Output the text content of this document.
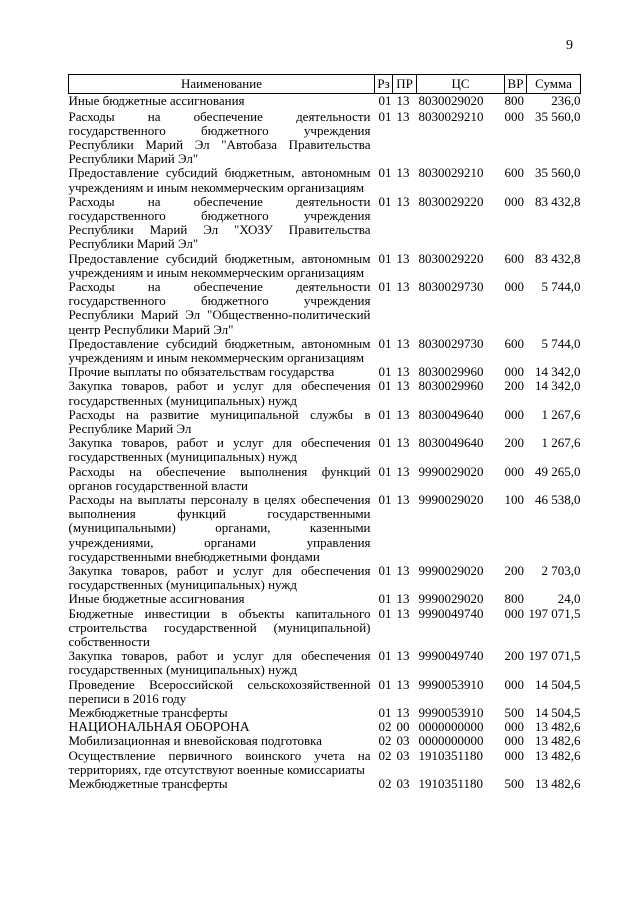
9
Наименование	Рз	ПР	ЦС	ВР	Сумма
Иные бюджетные ассигнования	01	13	8030029020	800	236,0
Расходы на обеспечение деятельности государственного бюджетного учреждения Республики Марий Эл "Автобаза Правительства Республики Марий Эл"	01	13	8030029210	000	35 560,0
Предоставление субсидий бюджетным, автономным учреждениям и иным некоммерческим организациям	01	13	8030029210	600	35 560,0
Расходы на обеспечение деятельности государственного бюджетного учреждения Республики Марий Эл "ХОЗУ Правительства Республики Марий Эл"	01	13	8030029220	000	83 432,8
Предоставление субсидий бюджетным, автономным учреждениям и иным некоммерческим организациям	01	13	8030029220	600	83 432,8
Расходы на обеспечение деятельности государственного бюджетного учреждения Республики Марий Эл "Общественно-политический центр Республики Марий Эл"	01	13	8030029730	000	5 744,0
Предоставление субсидий бюджетным, автономным учреждениям и иным некоммерческим организациям	01	13	8030029730	600	5 744,0
Прочие выплаты по обязательствам государства	01	13	8030029960	000	14 342,0
Закупка товаров, работ и услуг для обеспечения государственных (муниципальных) нужд	01	13	8030029960	200	14 342,0
Расходы на развитие муниципальной службы в Республике Марий Эл	01	13	8030049640	000	1 267,6
Закупка товаров, работ и услуг для обеспечения государственных (муниципальных) нужд	01	13	8030049640	200	1 267,6
Расходы на обеспечение выполнения функций органов государственной власти	01	13	9990029020	000	49 265,0
Расходы на выплаты персоналу в целях обеспечения выполнения функций государственными (муниципальными) органами, казенными учреждениями, органами управления государственными внебюджетными фондами	01	13	9990029020	100	46 538,0
Закупка товаров, работ и услуг для обеспечения государственных (муниципальных) нужд	01	13	9990029020	200	2 703,0
Иные бюджетные ассигнования	01	13	9990029020	800	24,0
Бюджетные инвестиции в объекты капитального строительства государственной (муниципальной) собственности	01	13	9990049740	000	197 071,5
Закупка товаров, работ и услуг для обеспечения государственных (муниципальных) нужд	01	13	9990049740	200	197 071,5
Проведение Всероссийской сельскохозяйственной переписи в 2016 году	01	13	9990053910	000	14 504,5
Межбюджетные трансферты	01	13	9990053910	500	14 504,5
НАЦИОНАЛЬНАЯ ОБОРОНА	02	00	0000000000	000	13 482,6
Мобилизационная и вневойсковая подготовка	02	03	0000000000	000	13 482,6
Осуществление первичного воинского учета на территориях, где отсутствуют военные комиссариаты	02	03	1910351180	000	13 482,6
Межбюджетные трансферты	02	03	1910351180	500	13 482,6
